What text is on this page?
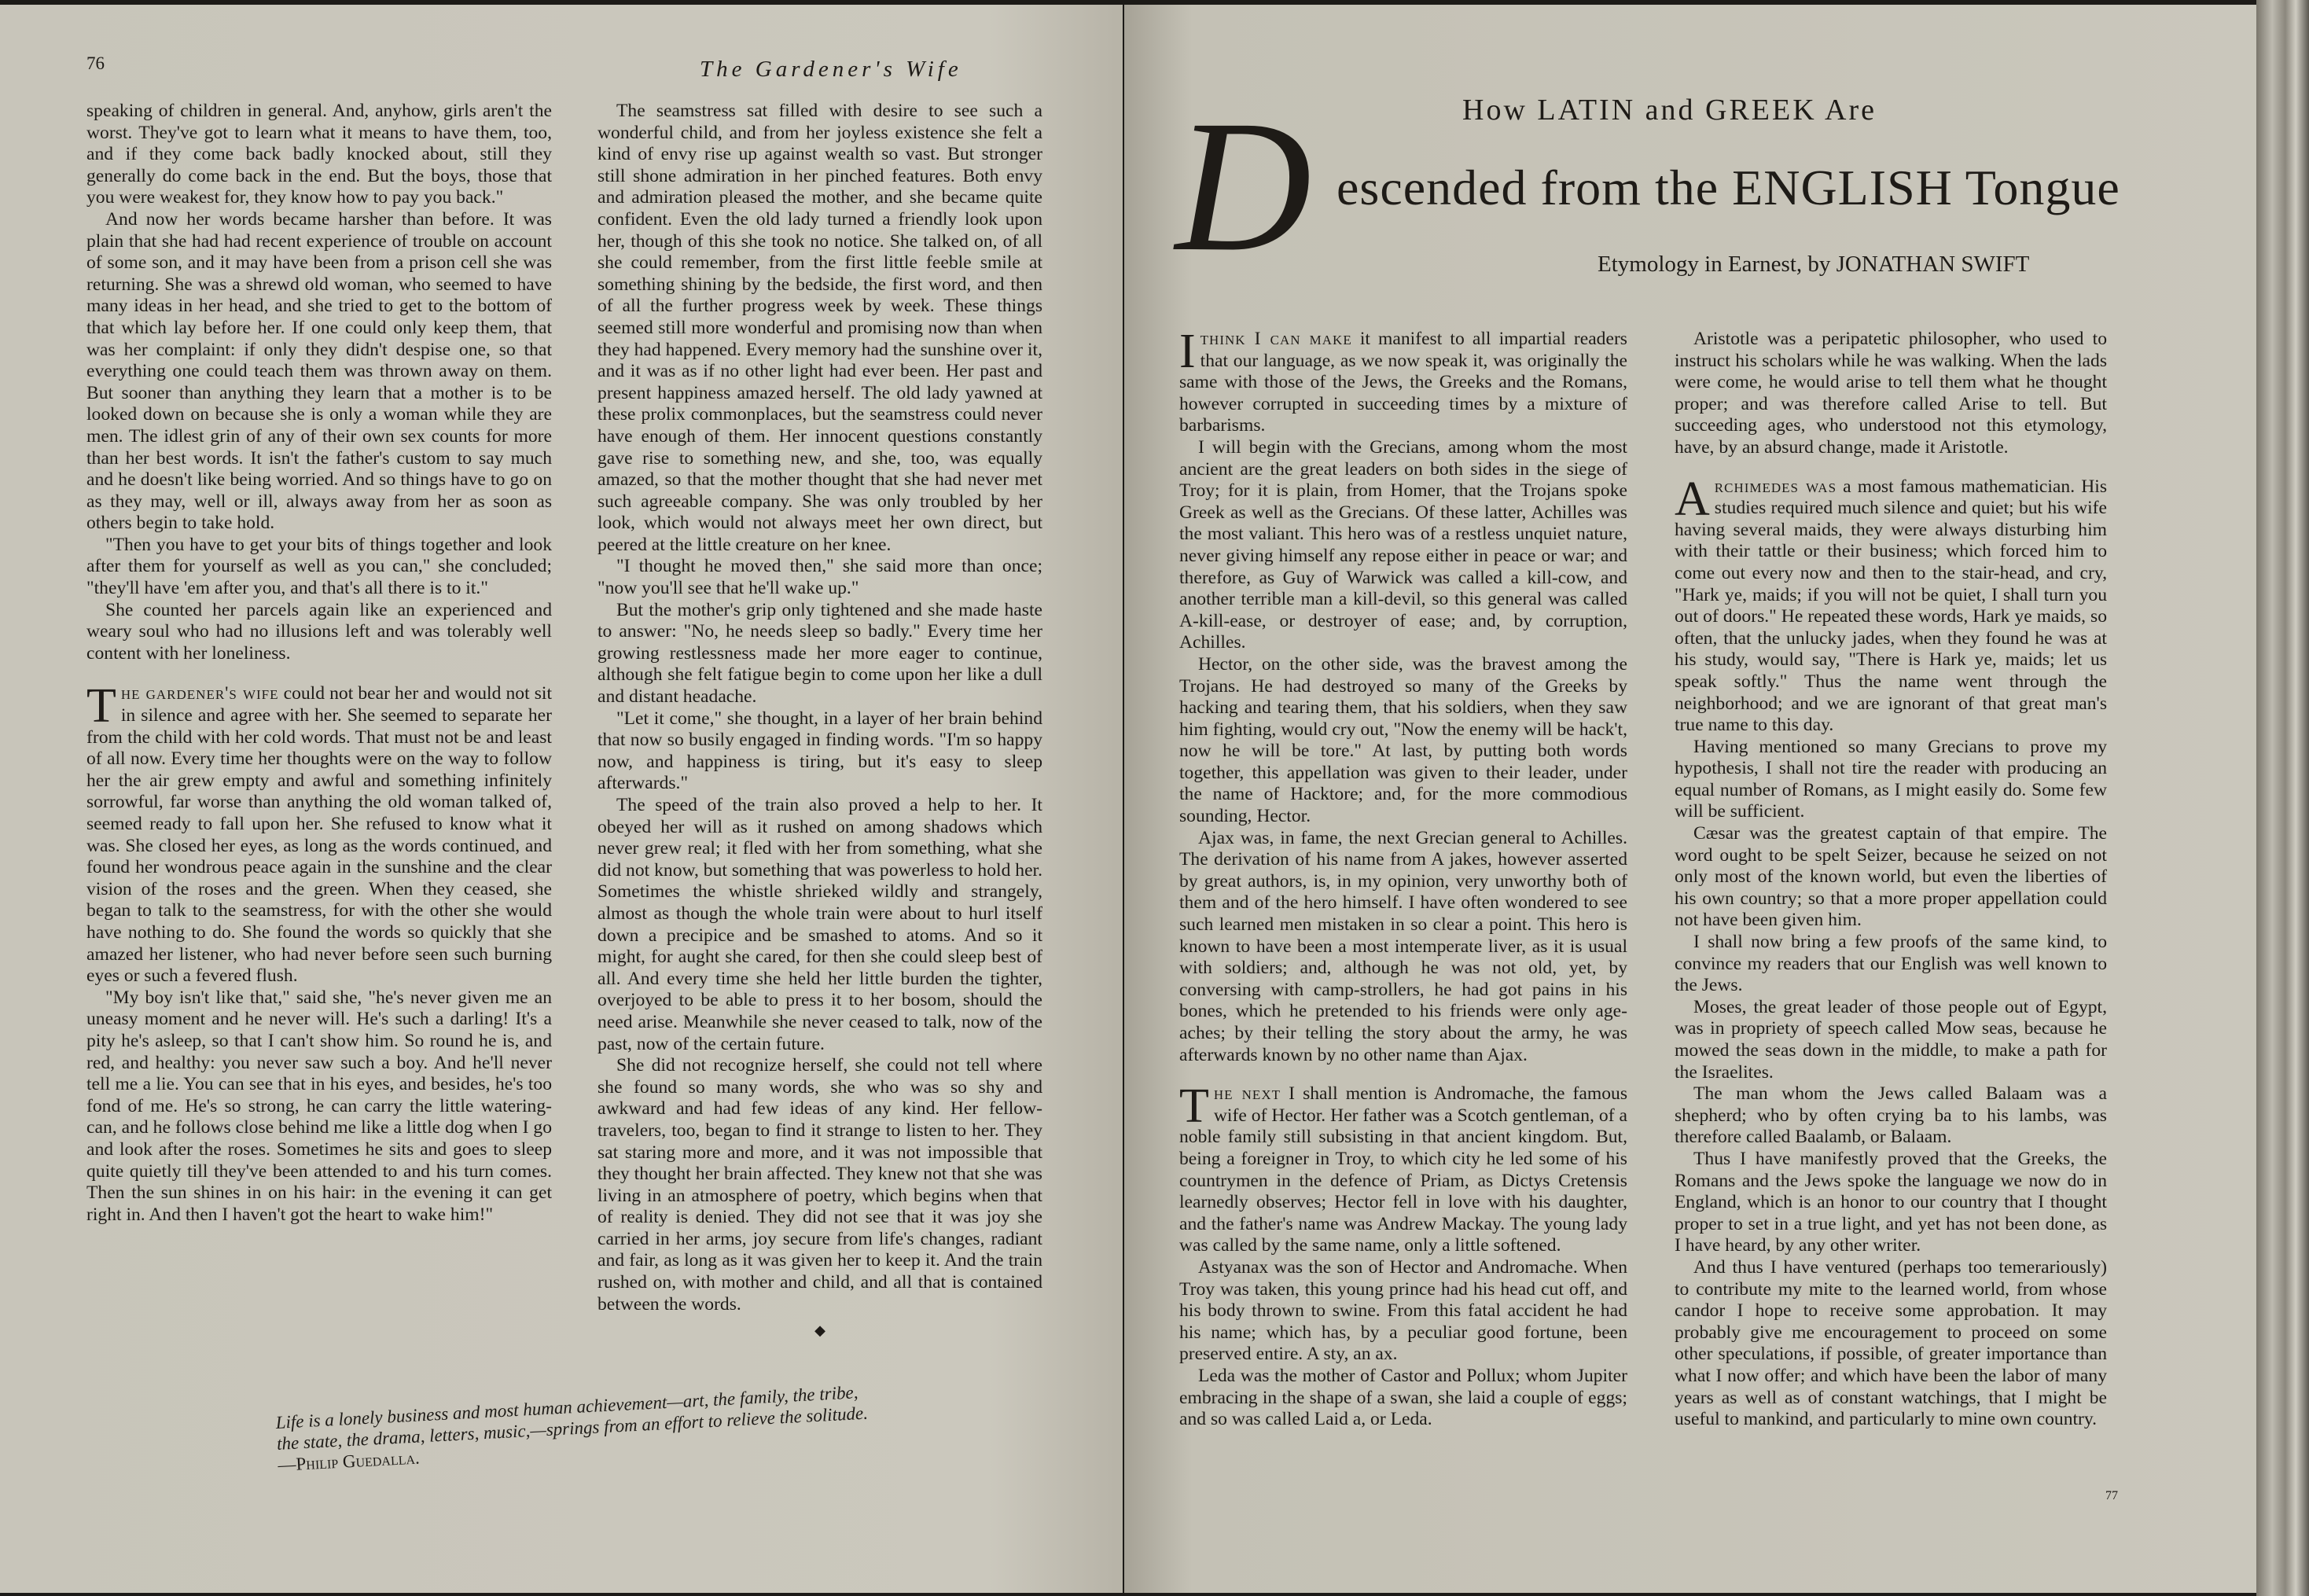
76	The Gardener's Wife

speaking of children in general. And, anyhow, girls aren't the worst. They've got to learn what it means to have them, too, and if they come back badly knocked about, still they generally do come back in the end. But the boys, those that you were weakest for, they know how to pay you back."

And now her words became harsher than before. It was plain that she had had recent experience of trouble on account of some son, and it may have been from a prison cell she was returning. She was a shrewd old woman, who seemed to have many ideas in her head, and she tried to get to the bottom of that which lay before her. If one could only keep them, that was her complaint: if only they didn't despise one, so that everything one could teach them was thrown away on them. But sooner than anything they learn that a mother is to be looked down on because she is only a woman while they are men. The idlest grin of any of their own sex counts for more than her best words. It isn't the father's custom to say much and he doesn't like being worried. And so things have to go on as they may, well or ill, always away from her as soon as others begin to take hold.

"Then you have to get your bits of things together and look after them for yourself as well as you can," she concluded; "they'll have 'em after you, and that's all there is to it."

She counted her parcels again like an experienced and weary soul who had no illusions left and was tolerably well content with her loneliness.

The gardener's wife could not bear her and would not sit in silence and agree with her. She seemed to separate her from the child with her cold words. That must not be and least of all now. Every time her thoughts were on the way to follow her the air grew empty and awful and something infinitely sorrowful, far worse than anything the old woman talked of, seemed ready to fall upon her. She refused to know what it was. She closed her eyes, as long as the words continued, and found her wondrous peace again in the sunshine and the clear vision of the roses and the green. When they ceased, she began to talk to the seamstress, for with the other she would have nothing to do. She found the words so quickly that she amazed her listener, who had never before seen such burning eyes or such a fevered flush.

"My boy isn't like that," said she, "he's never given me an uneasy moment and he never will. He's such a darling! It's a pity he's asleep, so that I can't show him. So round he is, and red, and healthy: you never saw such a boy. And he'll never tell me a lie. You can see that in his eyes, and besides, he's too fond of me. He's so strong, he can carry the little watering-can, and he follows close behind me like a little dog when I go and look after the roses. Sometimes he sits and goes to sleep quite quietly till they've been attended to and his turn comes. Then the sun shines in on his hair: in the evening it can get right in. And then I haven't got the heart to wake him!"

The seamstress sat filled with desire to see such a wonderful child, and from her joyless existence she felt a kind of envy rise up against wealth so vast. But stronger still shone admiration in her pinched features. Both envy and admiration pleased the mother, and she became quite confident. Even the old lady turned a friendly look upon her, though of this she took no notice. She talked on, of all she could remember, from the first little feeble smile at something shining by the bedside, the first word, and then of all the further progress week by week. These things seemed still more wonderful and promising now than when they had happened. Every memory had the sunshine over it, and it was as if no other light had ever been. Her past and present happiness amazed herself. The old lady yawned at these prolix commonplaces, but the seamstress could never have enough of them. Her innocent questions constantly gave rise to something new, and she, too, was equally amazed, so that the mother thought that she had never met such agreeable company. She was only troubled by her look, which would not always meet her own direct, but peered at the little creature on her knee.

"I thought he moved then," she said more than once; "now you'll see that he'll wake up."

But the mother's grip only tightened and she made haste to answer: "No, he needs sleep so badly." Every time her growing restlessness made her more eager to continue, although she felt fatigue begin to come upon her like a dull and distant headache.

"Let it come," she thought, in a layer of her brain behind that now so busily engaged in finding words. "I'm so happy now, and happiness is tiring, but it's easy to sleep afterwards."

The speed of the train also proved a help to her. It obeyed her will as it rushed on among shadows which never grew real; it fled with her from something, what she did not know, but something that was powerless to hold her. Sometimes the whistle shrieked wildly and strangely, almost as though the whole train were about to hurl itself down a precipice and be smashed to atoms. And so it might, for aught she cared, for then she could sleep best of all. And every time she held her little burden the tighter, overjoyed to be able to press it to her bosom, should the need arise. Meanwhile she never ceased to talk, now of the past, now of the certain future.

She did not recognize herself, she could not tell where she found so many words, she who was so shy and awkward and had few ideas of any kind. Her fellow-travelers, too, began to find it strange to listen to her. They sat staring more and more, and it was not impossible that they thought her brain affected. They knew not that she was living in an atmosphere of poetry, which begins when that of reality is denied. They did not see that it was joy she carried in her arms, joy secure from life's changes, radiant and fair, as long as it was given her to keep it. And the train rushed on, with mother and child, and all that is contained between the words.

◆
Life is a lonely business and most human achievement—art, the family, the tribe, the state, the drama, letters, music,—springs from an effort to relieve the solitude.—Philip Guedalla.
How LATIN and GREEK Are
D escended from the ENGLISH Tongue
Etymology in Earnest, by JONATHAN SWIFT

I think I can make it manifest to all impartial readers that our language, as we now speak it, was originally the same with those of the Jews, the Greeks and the Romans, however corrupted in succeeding times by a mixture of barbarisms.

I will begin with the Grecians, among whom the most ancient are the great leaders on both sides in the siege of Troy; for it is plain, from Homer, that the Trojans spoke Greek as well as the Grecians. Of these latter, Achilles was the most valiant. This hero was of a restless unquiet nature, never giving himself any repose either in peace or war; and therefore, as Guy of Warwick was called a kill-cow, and another terrible man a kill-devil, so this general was called A-kill-ease, or destroyer of ease; and, by corruption, Achilles.

Hector, on the other side, was the bravest among the Trojans. He had destroyed so many of the Greeks by hacking and tearing them, that his soldiers, when they saw him fighting, would cry out, "Now the enemy will be hack't, now he will be tore." At last, by putting both words together, this appellation was given to their leader, under the name of Hacktore; and, for the more commodious sounding, Hector.

Ajax was, in fame, the next Grecian general to Achilles. The derivation of his name from A jakes, however asserted by great authors, is, in my opinion, very unworthy both of them and of the hero himself. I have often wondered to see such learned men mistaken in so clear a point. This hero is known to have been a most intemperate liver, as it is usual with soldiers; and, although he was not old, yet, by conversing with camp-strollers, he had got pains in his bones, which he pretended to his friends were only age-aches; by their telling the story about the army, he was afterwards known by no other name than Ajax.

The next I shall mention is Andromache, the famous wife of Hector. Her father was a Scotch gentleman, of a noble family still subsisting in that ancient kingdom. But, being a foreigner in Troy, to which city he led some of his countrymen in the defence of Priam, as Dictys Cretensis learnedly observes; Hector fell in love with his daughter, and the father's name was Andrew Mackay. The young lady was called by the same name, only a little softened.

Astyanax was the son of Hector and Andromache. When Troy was taken, this young prince had his head cut off, and his body thrown to swine. From this fatal accident he had his name; which has, by a peculiar good fortune, been preserved entire. A sty, an ax.

Leda was the mother of Castor and Pollux; whom Jupiter embracing in the shape of a swan, she laid a couple of eggs; and so was called Laid a, or Leda.

Aristotle was a peripatetic philosopher, who used to instruct his scholars while he was walking. When the lads were come, he would arise to tell them what he thought proper; and was therefore called Arise to tell. But succeeding ages, who understood not this etymology, have, by an absurd change, made it Aristotle.

Archimedes was a most famous mathematician. His studies required much silence and quiet; but his wife having several maids, they were always disturbing him with their tattle or their business; which forced him to come out every now and then to the stair-head, and cry, "Hark ye, maids; if you will not be quiet, I shall turn you out of doors." He repeated these words, Hark ye maids, so often, that the unlucky jades, when they found he was at his study, would say, "There is Hark ye, maids; let us speak softly." Thus the name went through the neighborhood; and we are ignorant of that great man's true name to this day.

Having mentioned so many Grecians to prove my hypothesis, I shall not tire the reader with producing an equal number of Romans, as I might easily do. Some few will be sufficient.

Cæsar was the greatest captain of that empire. The word ought to be spelt Seizer, because he seized on not only most of the known world, but even the liberties of his own country; so that a more proper appellation could not have been given him.

I shall now bring a few proofs of the same kind, to convince my readers that our English was well known to the Jews.

Moses, the great leader of those people out of Egypt, was in propriety of speech called Mow seas, because he mowed the seas down in the middle, to make a path for the Israelites.

The man whom the Jews called Balaam was a shepherd; who by often crying ba to his lambs, was therefore called Baalamb, or Balaam.

Thus I have manifestly proved that the Greeks, the Romans and the Jews spoke the language we now do in England, which is an honor to our country that I thought proper to set in a true light, and yet has not been done, as I have heard, by any other writer.

And thus I have ventured (perhaps too temerariously) to contribute my mite to the learned world, from whose candor I hope to receive some approbation. It may probably give me encouragement to proceed on some other speculations, if possible, of greater importance than what I now offer; and which have been the labor of many years as well as of constant watchings, that I might be useful to mankind, and particularly to mine own country.

77
